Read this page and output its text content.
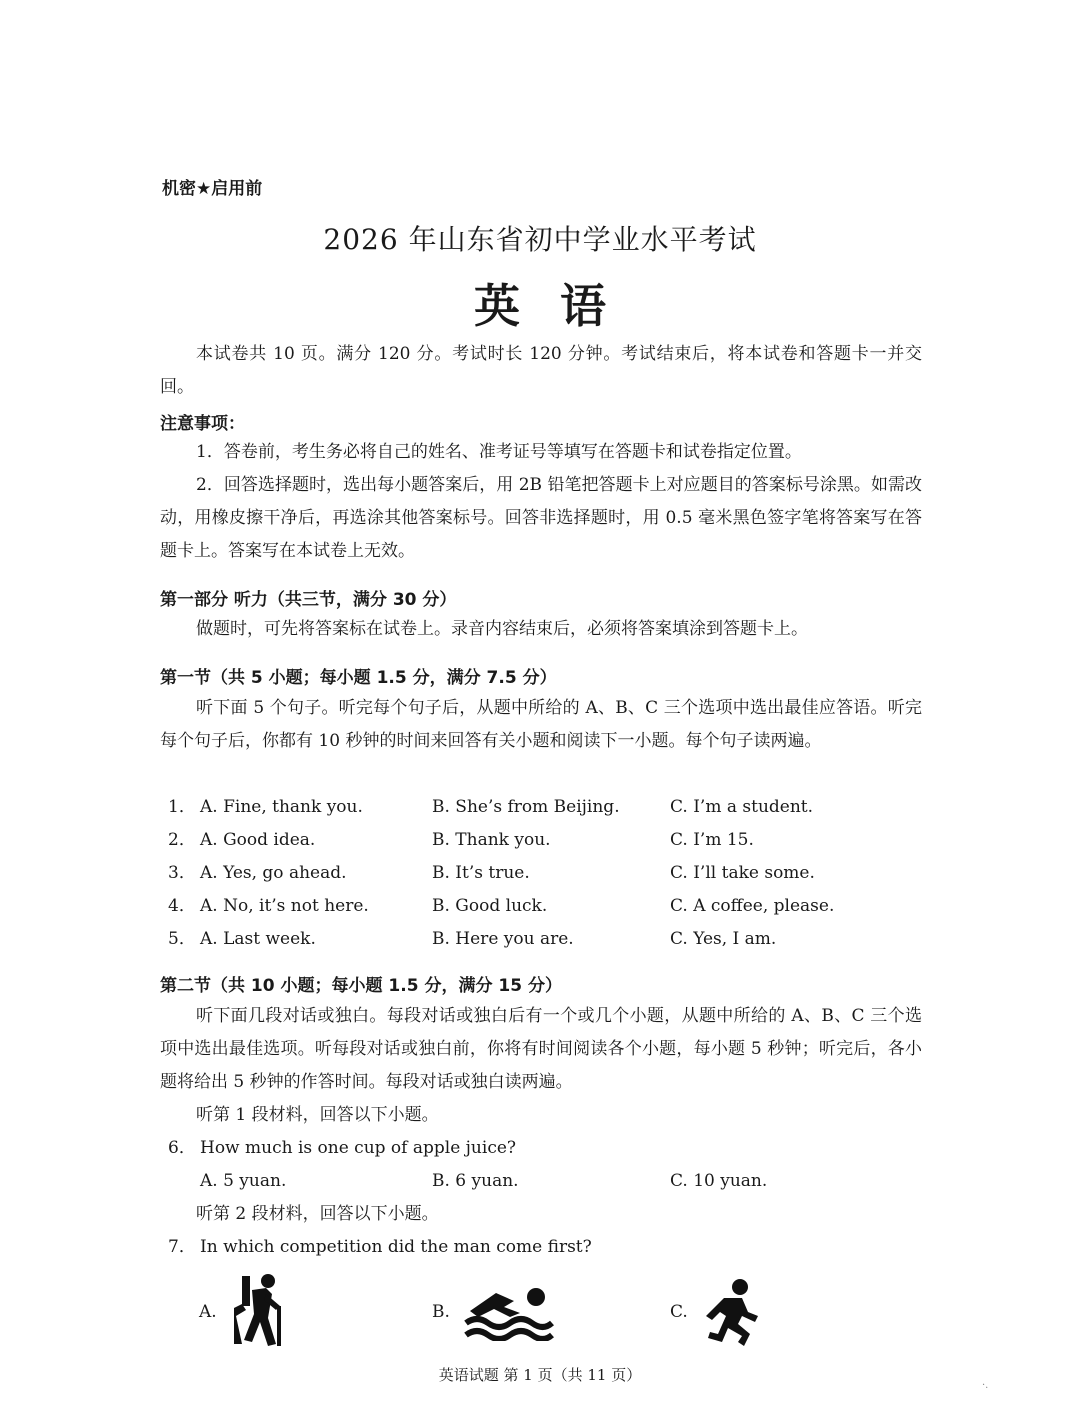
机密★启用前
2026 年山东省初中学业水平考试
英语
本试卷共 10 页。满分 120 分。考试时长 120 分钟。考试结束后，将本试卷和答题卡一并交回。
注意事项：
1．答卷前，考生务必将自己的姓名、准考证号等填写在答题卡和试卷指定位置。
2．回答选择题时，选出每小题答案后，用 2B 铅笔把答题卡上对应题目的答案标号涂黑。如需改动，用橡皮擦干净后，再选涂其他答案标号。回答非选择题时，用 0.5 毫米黑色签字笔将答案写在答题卡上。答案写在本试卷上无效。
第一部分 听力（共三节，满分 30 分）
做题时，可先将答案标在试卷上。录音内容结束后，必须将答案填涂到答题卡上。
第一节（共 5 小题；每小题 1.5 分，满分 7.5 分）
听下面 5 个句子。听完每个句子后，从题中所给的 A、B、C 三个选项中选出最佳应答语。听完每个句子后，你都有 10 秒钟的时间来回答有关小题和阅读下一小题。每个句子读两遍。
1． A. Fine, thank you.	B. She’s from Beijing.	C. I’m a student.
2． A. Good idea.	B. Thank you.	C. I’m 15.
3． A. Yes, go ahead.	B. It’s true.	C. I’ll take some.
4． A. No, it’s not here.	B. Good luck.	C. A coffee, please.
5． A. Last week.	B. Here you are.	C. Yes, I am.
第二节（共 10 小题；每小题 1.5 分，满分 15 分）
听下面几段对话或独白。每段对话或独白后有一个或几个小题，从题中所给的 A、B、C 三个选项中选出最佳选项。听每段对话或独白前，你将有时间阅读各个小题，每小题 5 秒钟；听完后，各小题将给出 5 秒钟的作答时间。每段对话或独白读两遍。
听第 1 段材料，回答以下小题。
6． How much is one cup of apple juice?
A. 5 yuan.	B. 6 yuan.	C. 10 yuan.
听第 2 段材料，回答以下小题。
7． In which competition did the man come first?
A.	B.	C.
英语试题 第 1 页（共 11 页）
·.
